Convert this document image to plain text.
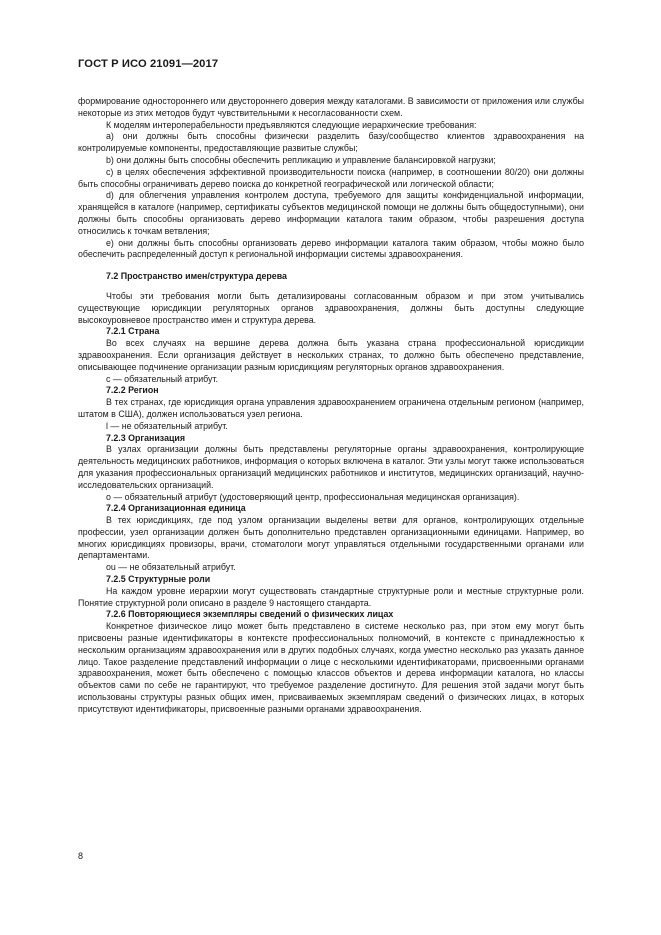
ГОСТ Р ИСО 21091—2017

формирование одностороннего или двустороннего доверия между каталогами. В зависимости от приложения или службы некоторые из этих методов будут чувствительными к несогласованности схем.

К моделям интероперабельности предъявляются следующие иерархические требования:

а) они должны быть способны физически разделить базу/сообщество клиентов здравоохранения на контролируемые компоненты, предоставляющие развитые службы;

b) они должны быть способны обеспечить репликацию и управление балансировкой нагрузки;

с) в целях обеспечения эффективной производительности поиска (например, в соотношении 80/20) они должны быть способны ограничивать дерево поиска до конкретной географической или логической области;

d) для облегчения управления контролем доступа, требуемого для защиты конфиденциальной информации, хранящейся в каталоге (например, сертификаты субъектов медицинской помощи не должны быть общедоступными), они должны быть способны организовать дерево информации каталога таким образом, чтобы разрешения доступа относились к точкам ветвления;

е) они должны быть способны организовать дерево информации каталога таким образом, чтобы можно было обеспечить распределенный доступ к региональной информации системы здравоохранения.

7.2 Пространство имен/структура дерева

Чтобы эти требования могли быть детализированы согласованным образом и при этом учитывались существующие юрисдикции регуляторных органов здравоохранения, должны быть доступны следующие высокоуровневое пространство имен и структура дерева.

7.2.1 Страна

Во всех случаях на вершине дерева должна быть указана страна профессиональной юрисдикции здравоохранения. Если организация действует в нескольких странах, то должно быть обеспечено представление, описывающее подчинение организации разным юрисдикциям регуляторных органов здравоохранения.

c — обязательный атрибут.

7.2.2 Регион

В тех странах, где юрисдикция органа управления здравоохранением ограничена отдельным регионом (например, штатом в США), должен использоваться узел региона.

l — не обязательный атрибут.

7.2.3 Организация

В узлах организации должны быть представлены регуляторные органы здравоохранения, контролирующие деятельность медицинских работников, информация о которых включена в каталог. Эти узлы могут также использоваться для указания профессиональных организаций медицинских работников и институтов, медицинских организаций, научно-исследовательских организаций.

о — обязательный атрибут (удостоверяющий центр, профессиональная медицинская организация).

7.2.4 Организационная единица

В тех юрисдикциях, где под узлом организации выделены ветви для органов, контролирующих отдельные профессии, узел организации должен быть дополнительно представлен организационными единицами. Например, во многих юрисдикциях провизоры, врачи, стоматологи могут управляться отдельными государственными органами или департаментами.

ou — не обязательный атрибут.

7.2.5 Структурные роли

На каждом уровне иерархии могут существовать стандартные структурные роли и местные структурные роли. Понятие структурной роли описано в разделе 9 настоящего стандарта.

7.2.6 Повторяющиеся экземпляры сведений о физических лицах

Конкретное физическое лицо может быть представлено в системе несколько раз, при этом ему могут быть присвоены разные идентификаторы в контексте профессиональных полномочий, в контексте с принадлежностью к нескольким организациям здравоохранения или в других подобных случаях, когда уместно несколько раз указать данное лицо. Такое разделение представлений информации о лице с несколькими идентификаторами, присвоенными органами здравоохранения, может быть обеспечено с помощью классов объектов и дерева информации каталога, но классы объектов сами по себе не гарантируют, что требуемое разделение достигнуто. Для решения этой задачи могут быть использованы структуры разных общих имен, присваиваемых экземплярам сведений о физических лицах, в которых присутствуют идентификаторы, присвоенные разными органами здравоохранения.

8
